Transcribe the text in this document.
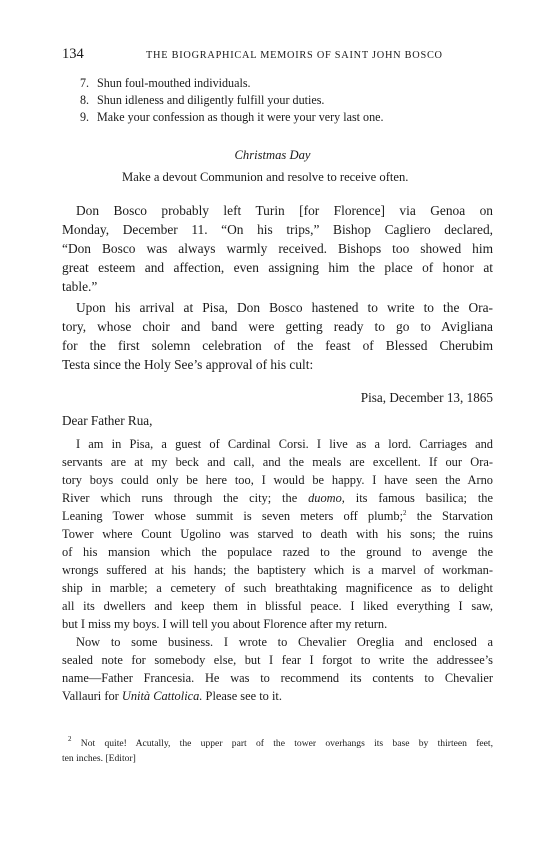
134	THE BIOGRAPHICAL MEMOIRS OF SAINT JOHN BOSCO
7. Shun foul-mouthed individuals.
8. Shun idleness and diligently fulfill your duties.
9. Make your confession as though it were your very last one.
Christmas Day
Make a devout Communion and resolve to receive often.
Don Bosco probably left Turin [for Florence] via Genoa on
Monday, December 11. “On his trips,” Bishop Cagliero declared,
“Don Bosco was always warmly received. Bishops too showed him
great esteem and affection, even assigning him the place of honor at
table.”
Upon his arrival at Pisa, Don Bosco hastened to write to the Ora-
tory, whose choir and band were getting ready to go to Avigliana
for the first solemn celebration of the feast of Blessed Cherubim
Testa since the Holy See’s approval of his cult:
Pisa, December 13, 1865
Dear Father Rua,
I am in Pisa, a guest of Cardinal Corsi. I live as a lord. Carriages and
servants are at my beck and call, and the meals are excellent. If our Ora-
tory boys could only be here too, I would be happy. I have seen the Arno
River which runs through the city; the duomo, its famous basilica; the
Leaning Tower whose summit is seven meters off plumb;$^2$ the Starvation
Tower where Count Ugolino was starved to death with his sons; the ruins
of his mansion which the populace razed to the ground to avenge the
wrongs suffered at his hands; the baptistery which is a marvel of workman-
ship in marble; a cemetery of such breathtaking magnificence as to delight
all its dwellers and keep them in blissful peace. I liked everything I saw,
but I miss my boys. I will tell you about Florence after my return.
Now to some business. I wrote to Chevalier Oreglia and enclosed a
sealed note for somebody else, but I fear I forgot to write the addressee’s
name—Father Francesia. He was to recommend its contents to Chevalier
Vallauri for Unità Cattolica. Please see to it.
$^2$ Not quite! Acutally, the upper part of the tower overhangs its base by thirteen feet,
ten inches. [Editor]
